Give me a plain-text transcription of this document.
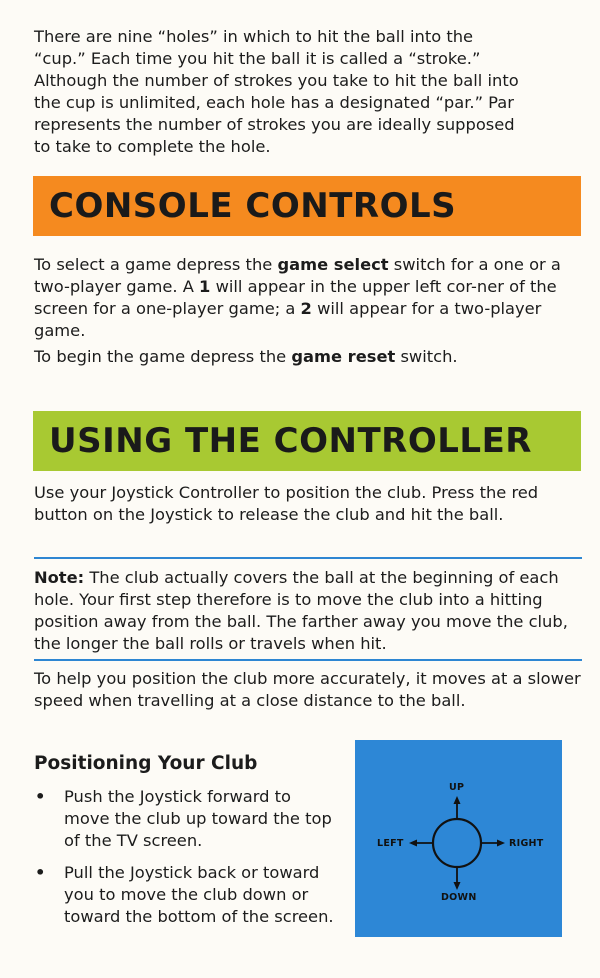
There are nine “holes” in which to hit the ball into the
“cup.” Each time you hit the ball it is called a “stroke.”
Although the number of strokes you take to hit the ball into
the cup is unlimited, each hole has a designated “par.” Par
represents the number of strokes you are ideally supposed
to take to complete the hole.
CONSOLE CONTROLS

To select a game depress the game select switch for a one or a two-player game. A 1 will appear in the upper left cor-ner of the screen for a one-player game; a 2 will appear for a two-player game.

To begin the game depress the game reset switch.

USING THE CONTROLLER

Use your Joystick Controller to position the club. Press the red button on the Joystick to release the club and hit the ball.

Note: The club actually covers the ball at the beginning of each hole. Your first step therefore is to move the club into a hitting position away from the ball. The farther away you move the club, the longer the ball rolls or travels when hit.

To help you position the club more accurately, it moves at a slower speed when travelling at a close distance to the ball.

Positioning Your Club
• Push the Joystick forward to move the club up toward the top of the TV screen.
• Pull the Joystick back or toward you to move the club down or toward the bottom of the screen.
UP
DOWN
LEFT	RIGHT
